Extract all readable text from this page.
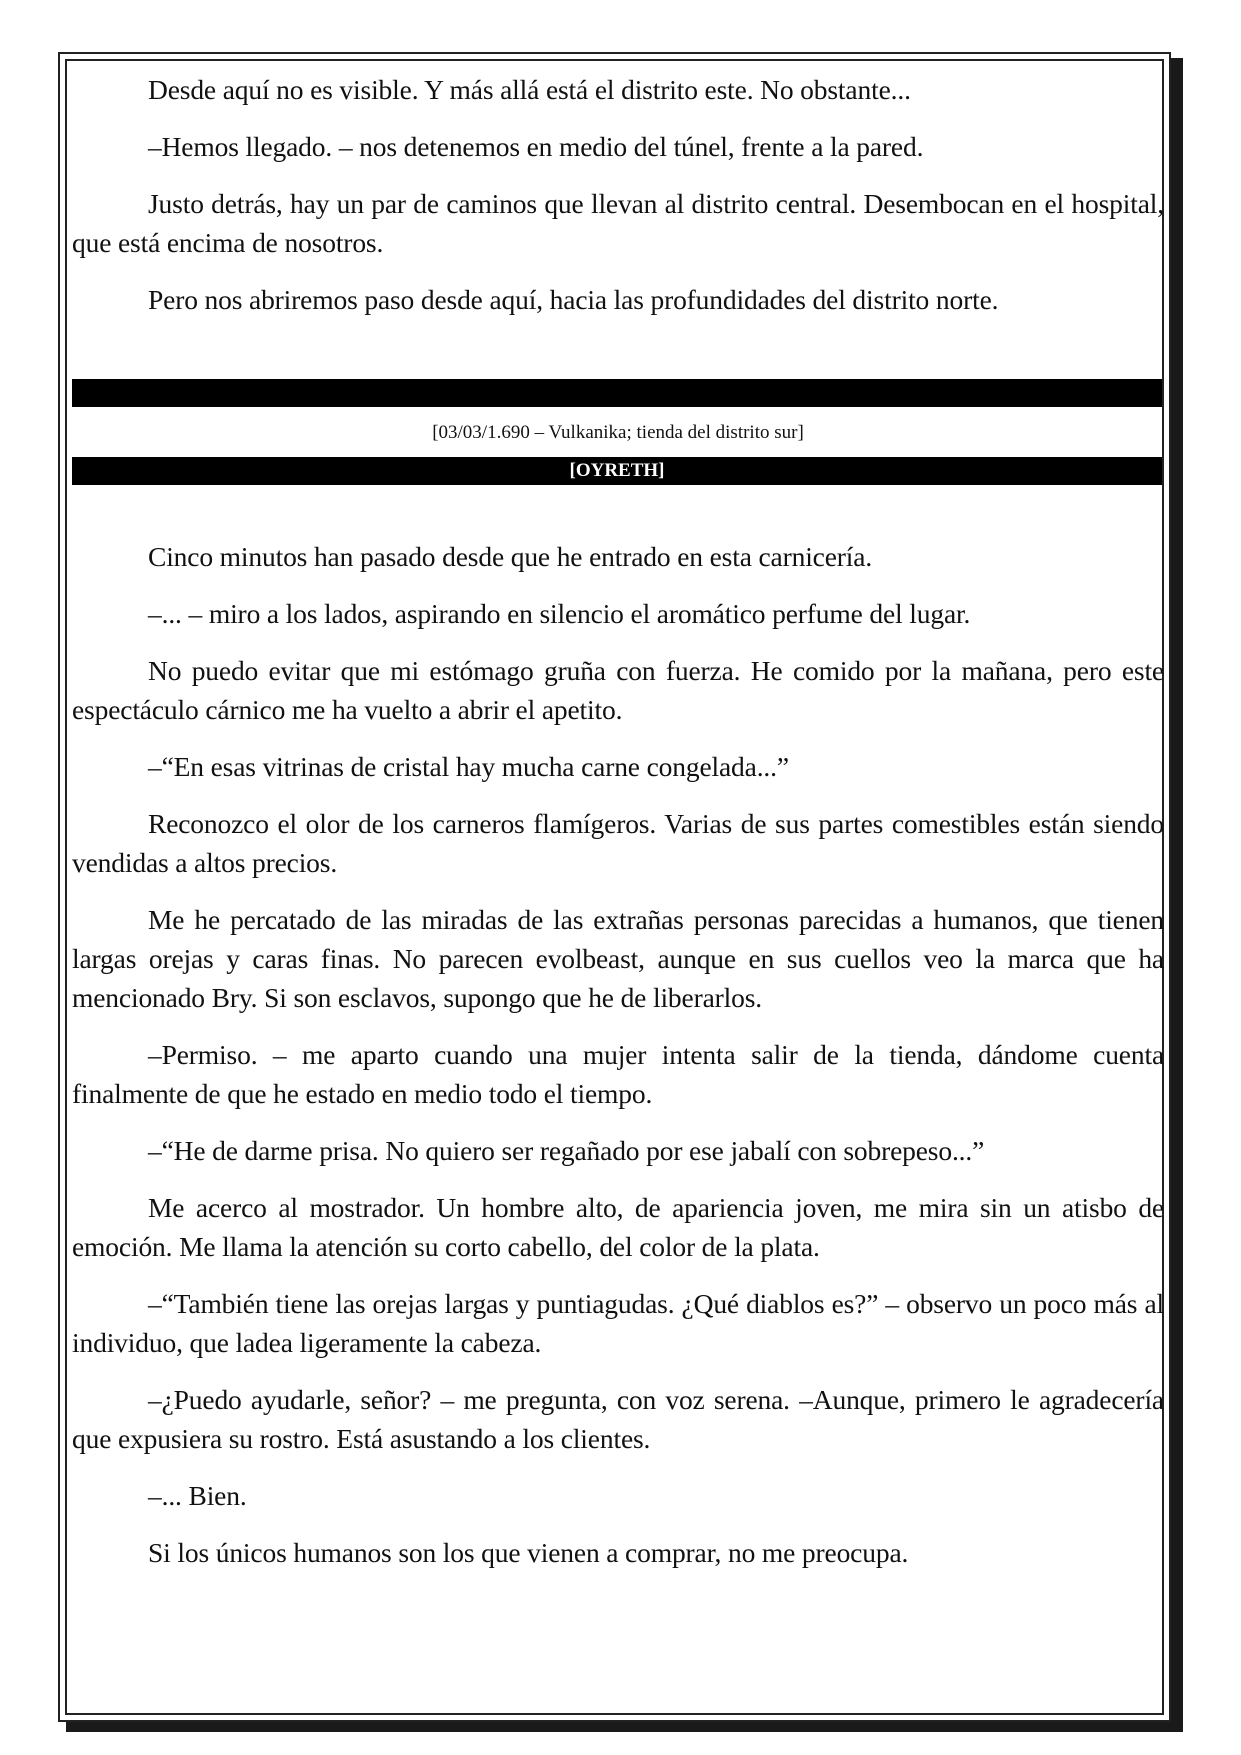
Desde aquí no es visible. Y más allá está el distrito este. No obstante...

–Hemos llegado. – nos detenemos en medio del túnel, frente a la pared.

Justo detrás, hay un par de caminos que llevan al distrito central. Desembocan en el hospital, que está encima de nosotros.

Pero nos abriremos paso desde aquí, hacia las profundidades del distrito norte.

[03/03/1.690 – Vulkanika; tienda del distrito sur]
[OYRETH]

Cinco minutos han pasado desde que he entrado en esta carnicería.

–... – miro a los lados, aspirando en silencio el aromático perfume del lugar.

No puedo evitar que mi estómago gruña con fuerza. He comido por la mañana, pero este espectáculo cárnico me ha vuelto a abrir el apetito.

–“En esas vitrinas de cristal hay mucha carne congelada...”

Reconozco el olor de los carneros flamígeros. Varias de sus partes comestibles están siendo vendidas a altos precios.

Me he percatado de las miradas de las extrañas personas parecidas a humanos, que tienen largas orejas y caras finas. No parecen evolbeast, aunque en sus cuellos veo la marca que ha mencionado Bry. Si son esclavos, supongo que he de liberarlos.

–Permiso. – me aparto cuando una mujer intenta salir de la tienda, dándome cuenta finalmente de que he estado en medio todo el tiempo.

–“He de darme prisa. No quiero ser regañado por ese jabalí con sobrepeso...”

Me acerco al mostrador. Un hombre alto, de apariencia joven, me mira sin un atisbo de emoción. Me llama la atención su corto cabello, del color de la plata.

–“También tiene las orejas largas y puntiagudas. ¿Qué diablos es?” – observo un poco más al individuo, que ladea ligeramente la cabeza.

–¿Puedo ayudarle, señor? – me pregunta, con voz serena. –Aunque, primero le agradecería que expusiera su rostro. Está asustando a los clientes.

–... Bien.

Si los únicos humanos son los que vienen a comprar, no me preocupa.
